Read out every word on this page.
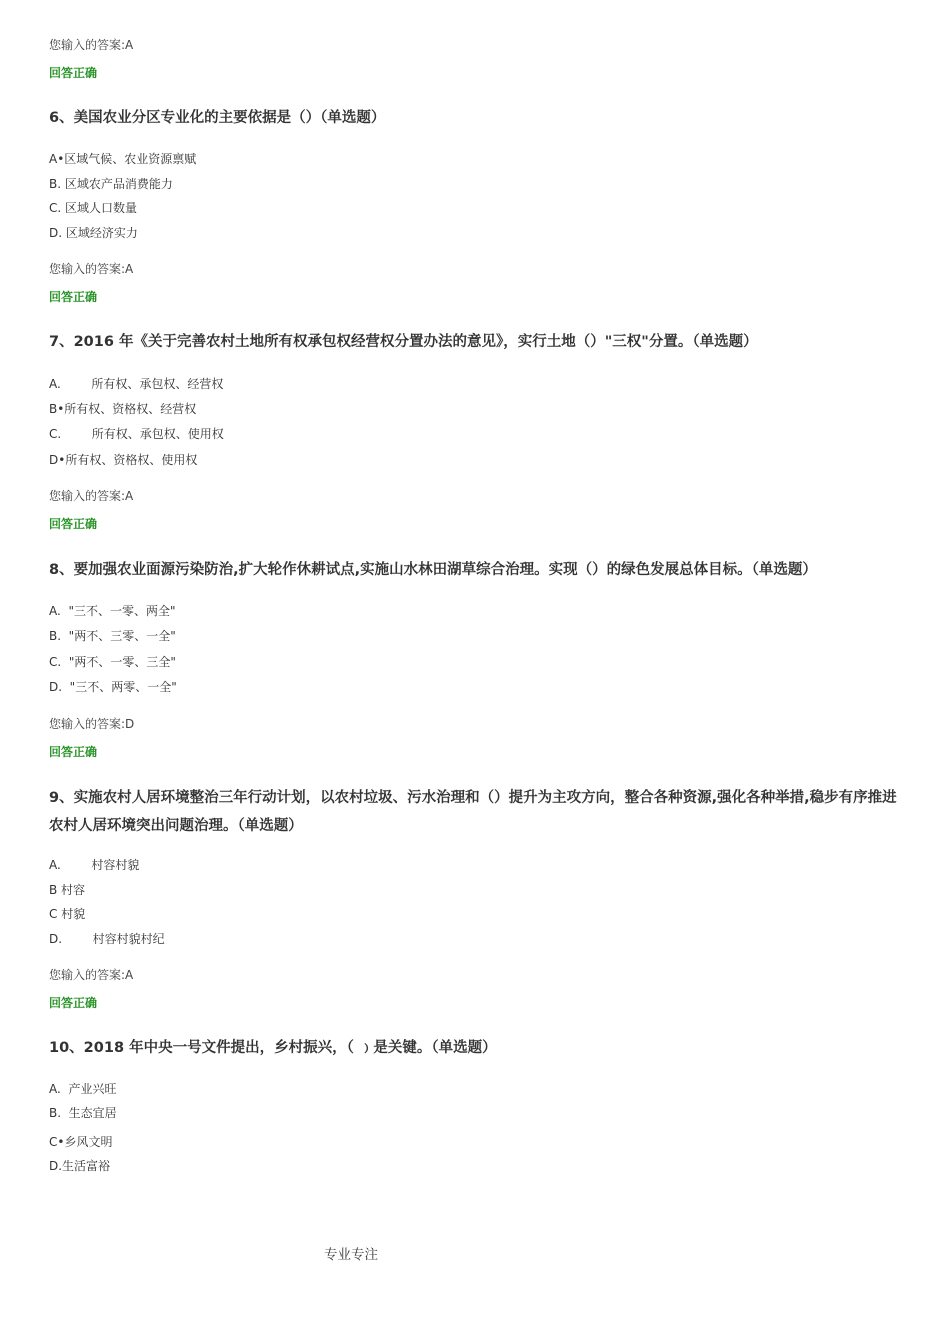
您输入的答案:A

回答正确

6、美国农业分区专业化的主要依据是（）（单选题）

A•区域气候、农业资源禀赋

B. 区域农产品消费能力

C. 区域人口数量

D. 区域经济实力

您输入的答案:A

回答正确

7、2016 年《关于完善农村土地所有权承包权经营权分置办法的意见》，实行土地（）"三权"分置。（单选题）

A.        所有权、承包权、经营权

B•所有权、资格权、经营权

C.        所有权、承包权、使用权

D•所有权、资格权、使用权

您输入的答案:A

回答正确

8、要加强农业面源污染防治,扩大轮作休耕试点,实施山水林田湖草综合治理。实现（）的绿色发展总体目标。（单选题）

A.  "三不、一零、两全"

B.  "两不、三零、一全"

C.  "两不、一零、三全"

D.  "三不、两零、一全"

您输入的答案:D

回答正确

9、实施农村人居环境整治三年行动计划，以农村垃圾、污水治理和（）提升为主攻方向，整合各种资源,强化各种举措,稳步有序推进农村人居环境突出问题治理。（单选题）

A.        村容村貌

B 村容

C 村貌

D.        村容村貌村纪

您输入的答案:A

回答正确

10、2018 年中央一号文件提出，乡村振兴，（ ﹚是关键。（单选题）

A.  产业兴旺

B.  生态宜居

C•乡风文明

D.生活富裕

专业专注
